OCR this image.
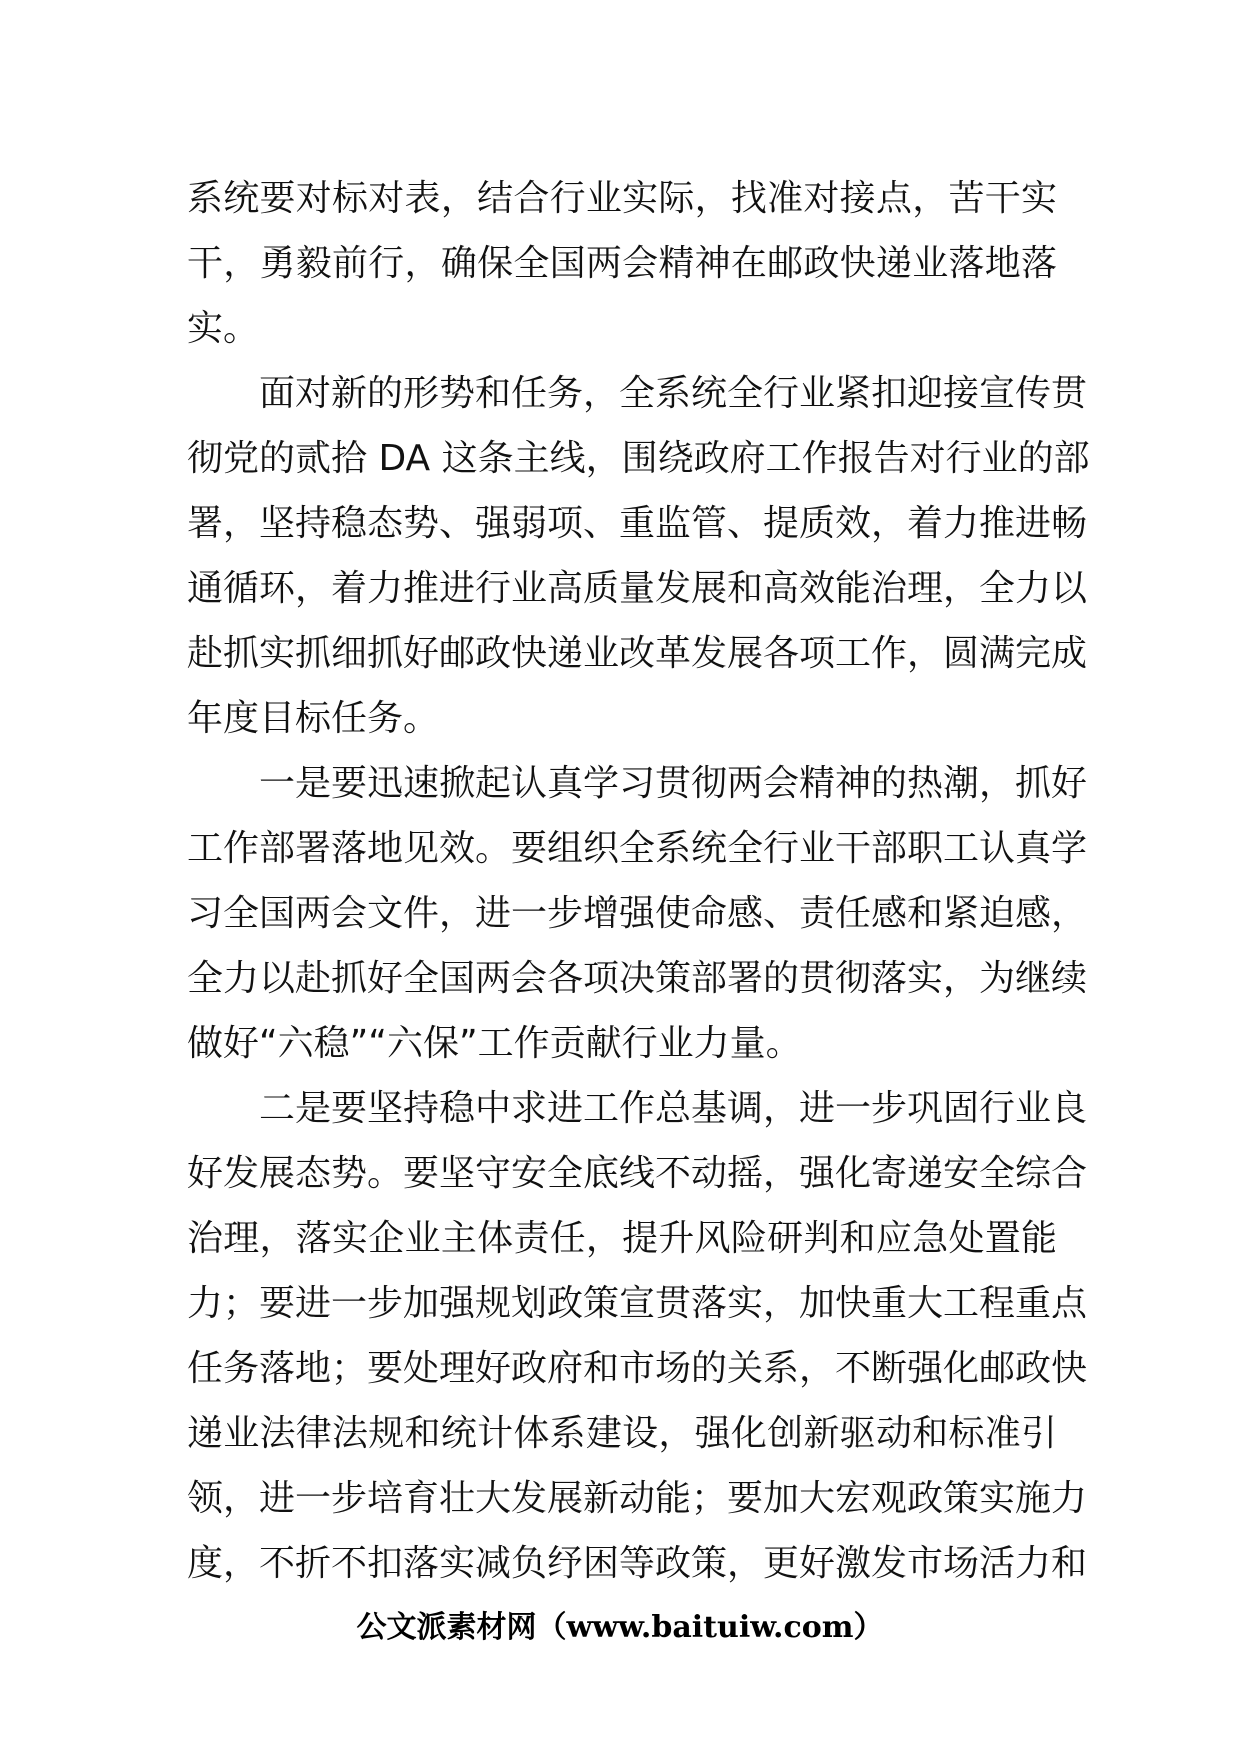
系统要对标对表，结合行业实际，找准对接点，苦干实
干，勇毅前行，确保全国两会精神在邮政快递业落地落
实。

面对新的形势和任务，全系统全行业紧扣迎接宣传贯
彻党的贰拾 DA 这条主线，围绕政府工作报告对行业的部
署，坚持稳态势、强弱项、重监管、提质效，着力推进畅
通循环，着力推进行业高质量发展和高效能治理，全力以
赴抓实抓细抓好邮政快递业改革发展各项工作，圆满完成
年度目标任务。

一是要迅速掀起认真学习贯彻两会精神的热潮，抓好
工作部署落地见效。要组织全系统全行业干部职工认真学
习全国两会文件，进一步增强使命感、责任感和紧迫感，
全力以赴抓好全国两会各项决策部署的贯彻落实，为继续
做好“六稳”“六保”工作贡献行业力量。

二是要坚持稳中求进工作总基调，进一步巩固行业良
好发展态势。要坚守安全底线不动摇，强化寄递安全综合
治理，落实企业主体责任，提升风险研判和应急处置能
力；要进一步加强规划政策宣贯落实，加快重大工程重点
任务落地；要处理好政府和市场的关系，不断强化邮政快
递业法律法规和统计体系建设，强化创新驱动和标准引
领，进一步培育壮大发展新动能；要加大宏观政策实施力
度，不折不扣落实减负纾困等政策，更好激发市场活力和

公文派素材网（www.baituiw.com）
